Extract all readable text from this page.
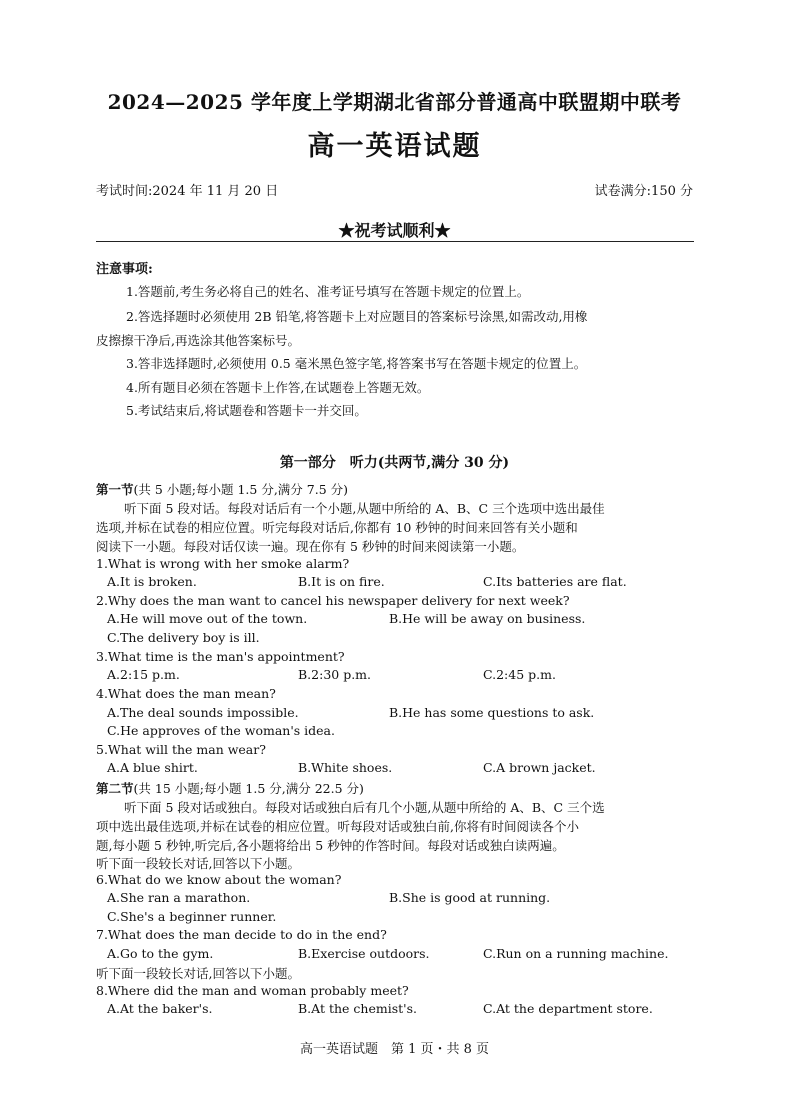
2024—2025 学年度上学期湖北省部分普通高中联盟期中联考
高一英语试题
考试时间:2024 年 11 月 20 日	试卷满分:150 分
★祝考试顺利★
注意事项:
1.答题前,考生务必将自己的姓名、准考证号填写在答题卡规定的位置上。
2.答选择题时必须使用 2B 铅笔,将答题卡上对应题目的答案标号涂黑,如需改动,用橡
皮擦擦干净后,再选涂其他答案标号。
3.答非选择题时,必须使用 0.5 毫米黑色签字笔,将答案书写在答题卡规定的位置上。
4.所有题目必须在答题卡上作答,在试题卷上答题无效。
5.考试结束后,将试题卷和答题卡一并交回。
第一部分　听力(共两节,满分 30 分)
第一节(共 5 小题;每小题 1.5 分,满分 7.5 分)
听下面 5 段对话。每段对话后有一个小题,从题中所给的 A、B、C 三个选项中选出最佳
选项,并标在试卷的相应位置。听完每段对话后,你都有 10 秒钟的时间来回答有关小题和
阅读下一小题。每段对话仅读一遍。现在你有 5 秒钟的时间来阅读第一小题。
1.What is wrong with her smoke alarm?
A.It is broken.	B.It is on fire.	C.Its batteries are flat.
2.Why does the man want to cancel his newspaper delivery for next week?
A.He will move out of the town.	B.He will be away on business.
C.The delivery boy is ill.
3.What time is the man's appointment?
A.2:15 p.m.	B.2:30 p.m.	C.2:45 p.m.
4.What does the man mean?
A.The deal sounds impossible.	B.He has some questions to ask.
C.He approves of the woman's idea.
5.What will the man wear?
A.A blue shirt.	B.White shoes.	C.A brown jacket.
第二节(共 15 小题;每小题 1.5 分,满分 22.5 分)
听下面 5 段对话或独白。每段对话或独白后有几个小题,从题中所给的 A、B、C 三个选
项中选出最佳选项,并标在试卷的相应位置。听每段对话或独白前,你将有时间阅读各个小
题,每小题 5 秒钟,听完后,各小题将给出 5 秒钟的作答时间。每段对话或独白读两遍。
听下面一段较长对话,回答以下小题。
6.What do we know about the woman?
A.She ran a marathon.	B.She is good at running.
C.She's a beginner runner.
7.What does the man decide to do in the end?
A.Go to the gym.	B.Exercise outdoors.	C.Run on a running machine.
听下面一段较长对话,回答以下小题。
8.Where did the man and woman probably meet?
A.At the baker's.	B.At the chemist's.	C.At the department store.
高一英语试题　第 1 页・共 8 页
